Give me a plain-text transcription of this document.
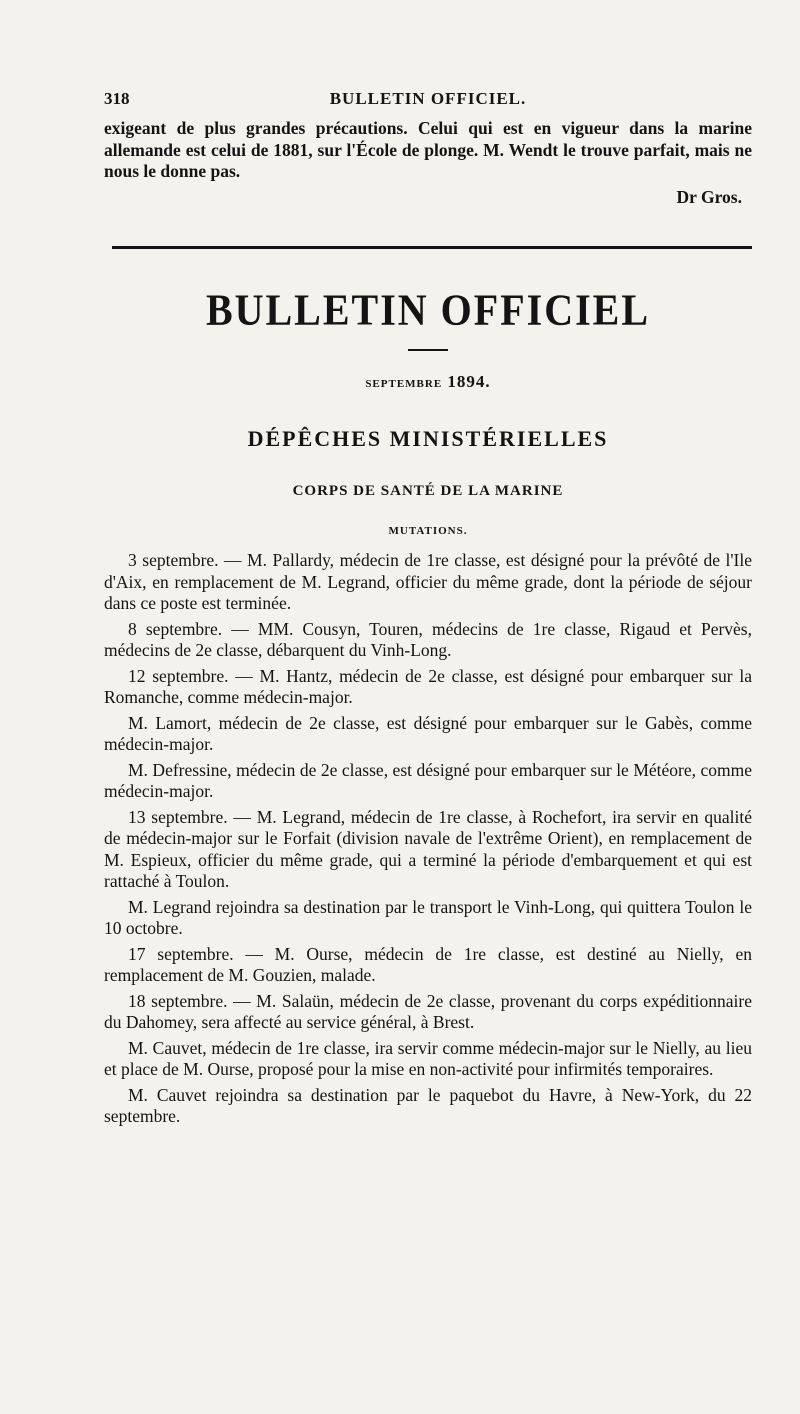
318	BULLETIN OFFICIEL.

exigeant de plus grandes précautions. Celui qui est en vigueur dans la marine allemande est celui de 1881, sur l'École de plonge. M. Wendt le trouve parfait, mais ne nous le donne pas.

Dr Gros.
BULLETIN OFFICIEL
SEPTEMBRE 1894.
DÉPÊCHES MINISTÉRIELLES
CORPS DE SANTÉ DE LA MARINE
MUTATIONS.

3 septembre. — M. Pallardy, médecin de 1re classe, est désigné pour la prévôté de l'Ile d'Aix, en remplacement de M. Legrand, officier du même grade, dont la période de séjour dans ce poste est terminée.

8 septembre. — MM. Cousyn, Touren, médecins de 1re classe, Rigaud et Pervès, médecins de 2e classe, débarquent du Vinh-Long.

12 septembre. — M. Hantz, médecin de 2e classe, est désigné pour embarquer sur la Romanche, comme médecin-major.

M. Lamort, médecin de 2e classe, est désigné pour embarquer sur le Gabès, comme médecin-major.

M. Defressine, médecin de 2e classe, est désigné pour embarquer sur le Météore, comme médecin-major.

13 septembre. — M. Legrand, médecin de 1re classe, à Rochefort, ira servir en qualité de médecin-major sur le Forfait (division navale de l'extrême Orient), en remplacement de M. Espieux, officier du même grade, qui a terminé la période d'embarquement et qui est rattaché à Toulon.

M. Legrand rejoindra sa destination par le transport le Vinh-Long, qui quittera Toulon le 10 octobre.

17 septembre. — M. Ourse, médecin de 1re classe, est destiné au Nielly, en remplacement de M. Gouzien, malade.

18 septembre. — M. Salaün, médecin de 2e classe, provenant du corps expéditionnaire du Dahomey, sera affecté au service général, à Brest.

M. Cauvet, médecin de 1re classe, ira servir comme médecin-major sur le Nielly, au lieu et place de M. Ourse, proposé pour la mise en non-activité pour infirmités temporaires.

M. Cauvet rejoindra sa destination par le paquebot du Havre, à New-York, du 22 septembre.
